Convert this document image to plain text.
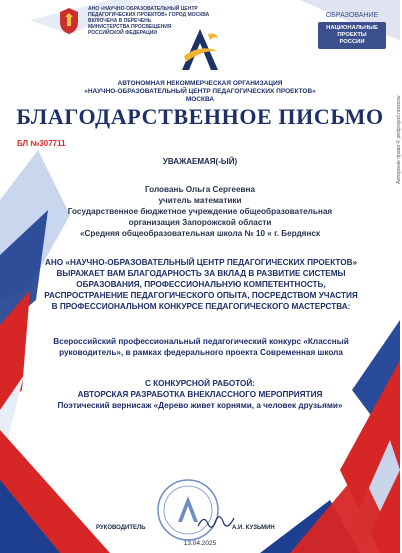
АНО «НАУЧНО-ОБРАЗОВАТЕЛЬНЫЙ ЦЕНТР
ПЕДАГОГИЧЕСКИХ ПРОЕКТОВ» ГОРОД МОСКВА
ВКЛЮЧЕНА В ПЕРЕЧЕНЬ
МИНИСТЕРСТВА ПРОСВЕЩЕНИЯ
РОССИЙСКОЙ ФЕДЕРАЦИИ
ОБРАЗОВАНИЕ
НАЦИОНАЛЬНЫЕ
ПРОЕКТЫ
РОССИИ
АВТОНОМНАЯ НЕКОММЕРЧЕСКАЯ ОРГАНИЗАЦИЯ
«НАУЧНО-ОБРАЗОВАТЕЛЬНЫЙ ЦЕНТР ПЕДАГОГИЧЕСКИХ ПРОЕКТОВ»
МОСКВА
БЛАГОДАРСТВЕННОЕ ПИСЬМО
БЛ №307711
УВАЖАЕМАЯ(-ЫЙ)
Головань Ольга Сергеевна
учитель математики
Государственное бюджетное учреждение общеобразовательная
организация Запорожской области
«Средняя общеобразовательная школа № 10 « г. Бердянск
АНО «НАУЧНО-ОБРАЗОВАТЕЛЬНЫЙ ЦЕНТР ПЕДАГОГИЧЕСКИХ ПРОЕКТОВ»
ВЫРАЖАЕТ ВАМ БЛАГОДАРНОСТЬ ЗА ВКЛАД В РАЗВИТИЕ СИСТЕМЫ
ОБРАЗОВАНИЯ, ПРОФЕССИОНАЛЬНУЮ КОМПЕТЕНТНОСТЬ,
РАСПРОСТРАНЕНИЕ ПЕДАГОГИЧЕСКОГО ОПЫТА, ПОСРЕДСТВОМ УЧАСТИЯ
В ПРОФЕССИОНАЛЬНОМ КОНКУРСЕ ПЕДАГОГИЧЕСКОГО МАСТЕРСТВА:
Всероссийский профессиональный педагогический конкурс «Классный
руководитель», в рамках федерального проекта Современная школа
С КОНКУРСНОЙ РАБОТОЙ:
АВТОРСКАЯ РАЗРАБОТКА ВНЕКЛАССНОГО МЕРОПРИЯТИЯ
Поэтический вернисаж «Дерево живет корнями, а человек друзьями»
Авторские права © pedproject.moscow
РУКОВОДИТЕЛЬ	А.И. КУЗЬМИН
13.04.2025
